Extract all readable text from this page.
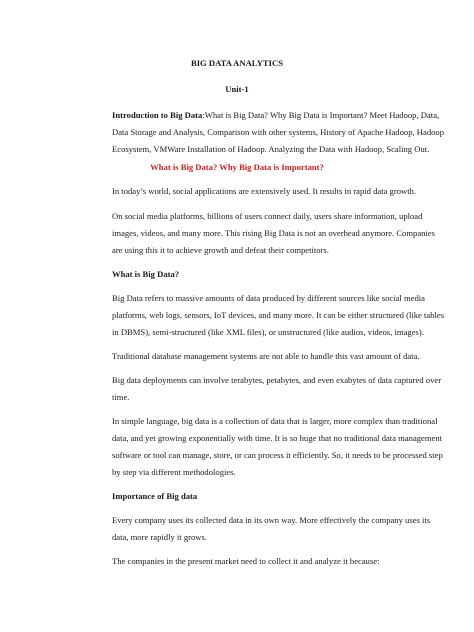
BIG DATA ANALYTICS
Unit-1
Introduction to Big Data:What is Big Data? Why Big Data is Important? Meet Hadoop, Data,
Data Storage and Analysis, Comparison with other systems, History of Apache Hadoop, Hadoop
Ecosystem, VMWare Installation of Hadoop. Analyzing the Data with Hadoop, Scaling Out.
What is Big Data? Why Big Data is Important?
In today’s world, social applications are extensively used. It results in rapid data growth.
On social media platforms, billions of users connect daily, users share information, upload
images, videos, and many more. This rising Big Data is not an overhead anymore. Companies
are using this it to achieve growth and defeat their competitors.
What is Big Data?
Big Data refers to massive amounts of data produced by different sources like social media
platforms, web logs, sensors, IoT devices, and many more. It can be either structured (like tables
in DBMS), semi-structured (like XML files), or unstructured (like audios, videos, images).
Traditional database management systems are not able to handle this vast amount of data.
Big data deployments can involve terabytes, petabytes, and even exabytes of data captured over
time.
In simple language, big data is a collection of data that is larger, more complex than traditional
data, and yet growing exponentially with time. It is so huge that no traditional data management
software or tool can manage, store, or can process it efficiently. So, it needs to be processed step
by step via different methodologies.
Importance of Big data
Every company uses its collected data in its own way. More effectively the company uses its
data, more rapidly it grows.
The companies in the present market need to collect it and analyze it because:
